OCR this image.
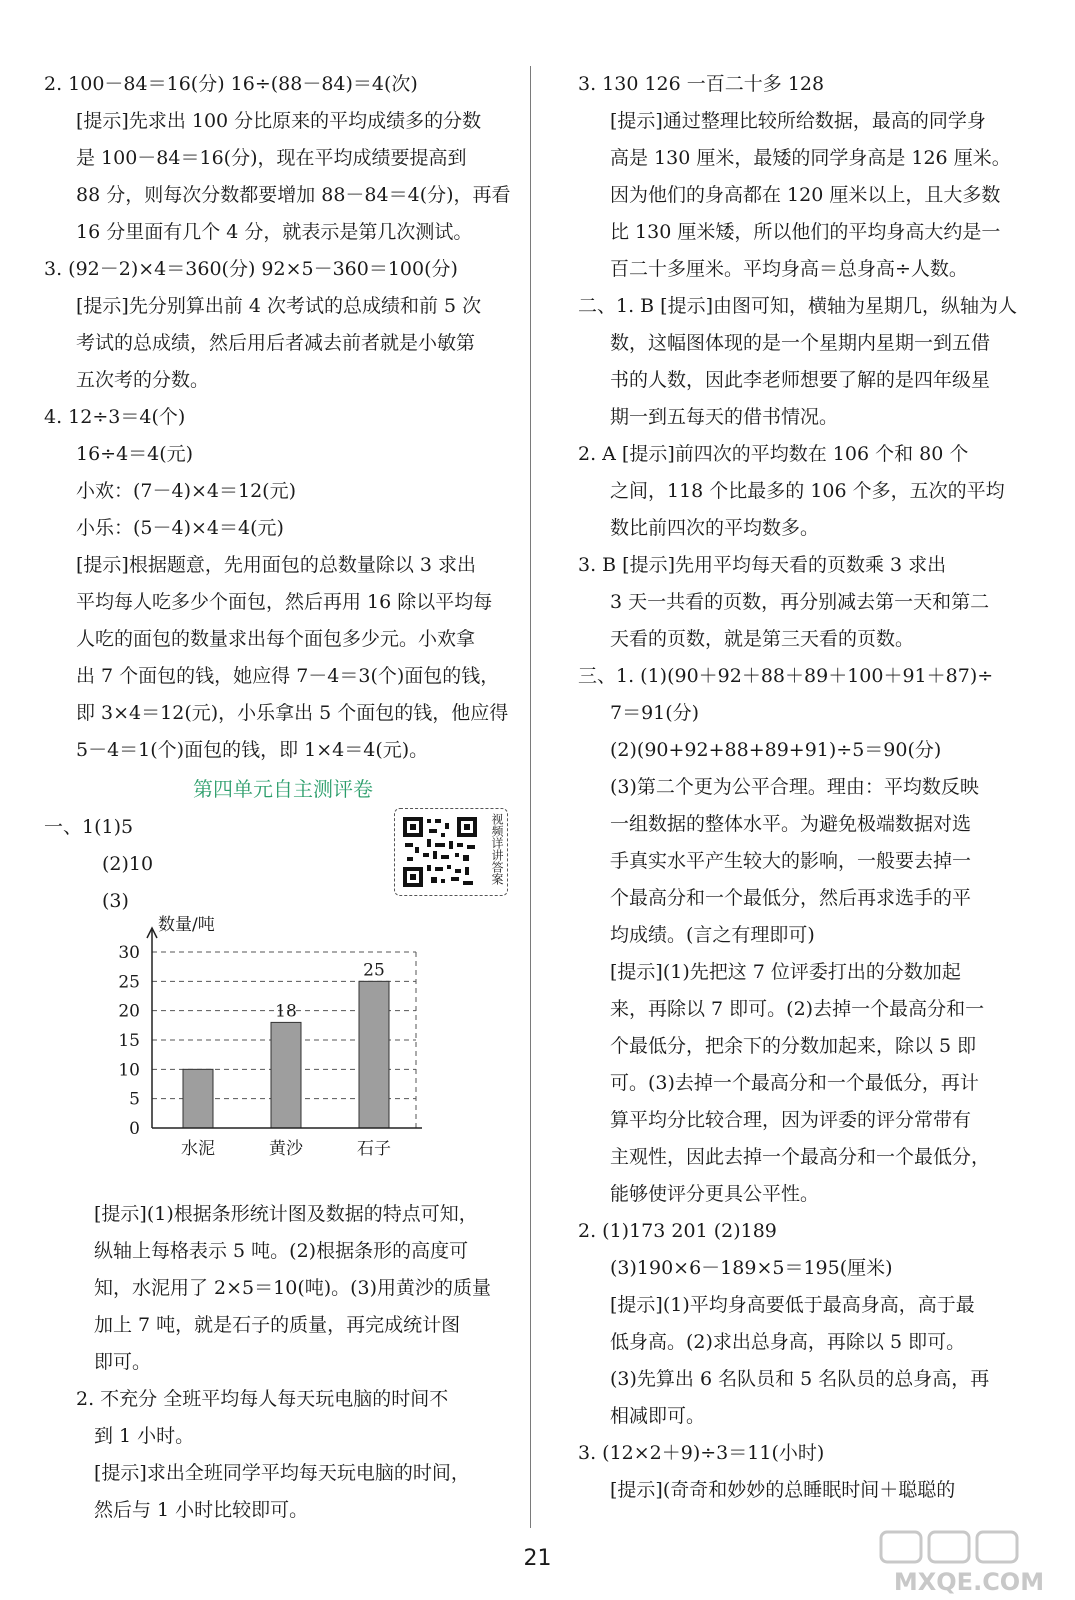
2. 100－84＝16(分) 16÷(88－84)＝4(次)
[提示]先求出 100 分比原来的平均成绩多的分数
是 100－84＝16(分)，现在平均成绩要提高到
88 分，则每次分数都要增加 88－84＝4(分)，再看
16 分里面有几个 4 分，就表示是第几次测试。
3. (92－2)×4＝360(分) 92×5－360＝100(分)
[提示]先分别算出前 4 次考试的总成绩和前 5 次
考试的总成绩，然后用后者减去前者就是小敏第
五次考的分数。
4. 12÷3＝4(个)
16÷4＝4(元)
小欢：(7－4)×4＝12(元)
小乐：(5－4)×4＝4(元)
[提示]根据题意，先用面包的总数量除以 3 求出
平均每人吃多少个面包，然后再用 16 除以平均每
人吃的面包的数量求出每个面包多少元。小欢拿
出 7 个面包的钱，她应得 7－4＝3(个)面包的钱，
即 3×4＝12(元)，小乐拿出 5 个面包的钱，他应得
5－4＝1(个)面包的钱，即 1×4＝4(元)。
第四单元自主测评卷
一、1(1)5
(2)10
(3)
[提示](1)根据条形统计图及数据的特点可知，
纵轴上每格表示 5 吨。(2)根据条形的高度可
知，水泥用了 2×5＝10(吨)。(3)用黄沙的质量
加上 7 吨，就是石子的质量，再完成统计图
即可。
2. 不充分 全班平均每人每天玩电脑的时间不
到 1 小时。
[提示]求出全班同学平均每天玩电脑的时间，
然后与 1 小时比较即可。
视频详讲答案
0
5
10
15
20
25
30
数量/吨
水泥	黄沙
18
石子
25
3. 130 126 一百二十多 128
[提示]通过整理比较所给数据，最高的同学身
高是 130 厘米，最矮的同学身高是 126 厘米。
因为他们的身高都在 120 厘米以上，且大多数
比 130 厘米矮，所以他们的平均身高大约是一
百二十多厘米。平均身高＝总身高÷人数。
二、1. B [提示]由图可知，横轴为星期几，纵轴为人
数，这幅图体现的是一个星期内星期一到五借
书的人数，因此李老师想要了解的是四年级星
期一到五每天的借书情况。
2. A [提示]前四次的平均数在 106 个和 80 个
之间，118 个比最多的 106 个多，五次的平均
数比前四次的平均数多。
3. B [提示]先用平均每天看的页数乘 3 求出
3 天一共看的页数，再分别减去第一天和第二
天看的页数，就是第三天看的页数。
三、1. (1)(90＋92＋88＋89＋100＋91＋87)÷
7＝91(分)
(2)(90+92+88+89+91)÷5＝90(分)
(3)第二个更为公平合理。理由：平均数反映
一组数据的整体水平。为避免极端数据对选
手真实水平产生较大的影响，一般要去掉一
个最高分和一个最低分，然后再求选手的平
均成绩。(言之有理即可)
[提示](1)先把这 7 位评委打出的分数加起
来，再除以 7 即可。(2)去掉一个最高分和一
个最低分，把余下的分数加起来，除以 5 即
可。(3)去掉一个最高分和一个最低分，再计
算平均分比较合理，因为评委的评分常带有
主观性，因此去掉一个最高分和一个最低分，
能够使评分更具公平性。
2. (1)173 201 (2)189
(3)190×6－189×5＝195(厘米)
[提示](1)平均身高要低于最高身高，高于最
低身高。(2)求出总身高，再除以 5 即可。
(3)先算出 6 名队员和 5 名队员的总身高，再
相减即可。
3. (12×2＋9)÷3＝11(小时)
[提示](奇奇和妙妙的总睡眠时间＋聪聪的
21
MXQE.COM
